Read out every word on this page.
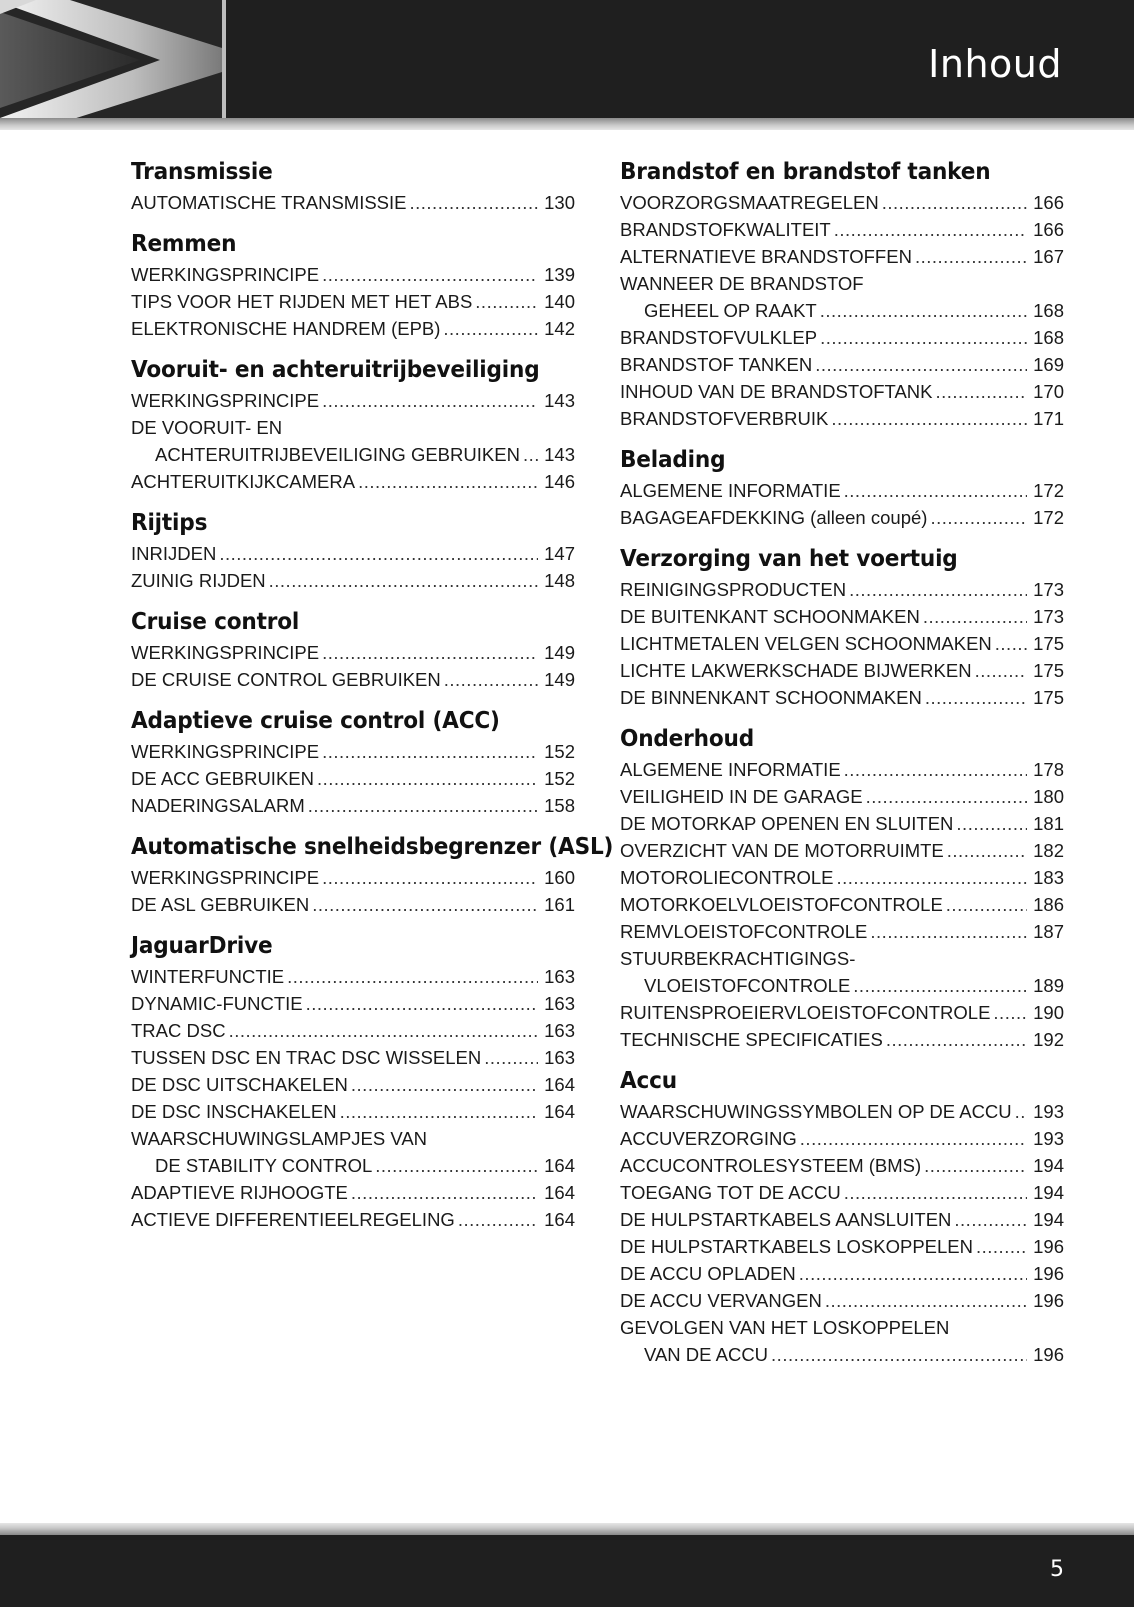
Inhoud
Transmissie
AUTOMATISCHE TRANSMISSIE .....	130
Remmen
WERKINGSPRINCIPE .....	139
TIPS VOOR HET RIJDEN MET HET ABS .....	140
ELEKTRONISCHE HANDREM (EPB) .....	142
Vooruit- en achteruitrijbeveiliging
WERKINGSPRINCIPE .....	143
DE VOORUIT- EN
ACHTERUITRIJBEVEILIGING GEBRUIKEN ..... 143
ACHTERUITKIJKCAMERA .....	146
Rijtips
INRIJDEN .....	147
ZUINIG RIJDEN .....	148
Cruise control
WERKINGSPRINCIPE .....	149
DE CRUISE CONTROL GEBRUIKEN .....	149
Adaptieve cruise control (ACC)
WERKINGSPRINCIPE .....	152
DE ACC GEBRUIKEN .....	152
NADERINGSALARM .....	158
Automatische snelheidsbegrenzer (ASL)
WERKINGSPRINCIPE .....	160
DE ASL GEBRUIKEN .....	161
JaguarDrive
WINTERFUNCTIE .....	163
DYNAMIC-FUNCTIE .....	163
TRAC DSC .....	163
TUSSEN DSC EN TRAC DSC WISSELEN .....	163
DE DSC UITSCHAKELEN .....	164
DE DSC INSCHAKELEN .....	164
WAARSCHUWINGSLAMPJES VAN
DE STABILITY CONTROL .....	164
ADAPTIEVE RIJHOOGTE .....	164
ACTIEVE DIFFERENTIEELREGELING .....	164
Brandstof en brandstof tanken
VOORZORGSMAATREGELEN .....	166
BRANDSTOFKWALITEIT .....	166
ALTERNATIEVE BRANDSTOFFEN .....	167
WANNEER DE BRANDSTOF
GEHEEL OP RAAKT .....	168
BRANDSTOFVULKLEP .....	168
BRANDSTOF TANKEN .....	169
INHOUD VAN DE BRANDSTOFTANK .....	170
BRANDSTOFVERBRUIK .....	171
Belading
ALGEMENE INFORMATIE .....	172
BAGAGEAFDEKKING (alleen coupé) .....	172
Verzorging van het voertuig
REINIGINGSPRODUCTEN .....	173
DE BUITENKANT SCHOONMAKEN .....	173
LICHTMETALEN VELGEN SCHOONMAKEN ..... 175
LICHTE LAKWERKSCHADE BIJWERKEN .....	175
DE BINNENKANT SCHOONMAKEN .....	175
Onderhoud
ALGEMENE INFORMATIE .....	178
VEILIGHEID IN DE GARAGE .....	180
DE MOTORKAP OPENEN EN SLUITEN .....	181
OVERZICHT VAN DE MOTORRUIMTE .....	182
MOTOROLIECONTROLE .....	183
MOTORKOELVLOEISTOFCONTROLE .....	186
REMVLOEISTOFCONTROLE .....	187
STUURBEKRACHTIGINGS-
VLOEISTOFCONTROLE .....	189
RUITENSPROEIERVLOEISTOFCONTROLE ..... 190
TECHNISCHE SPECIFICATIES .....	192
Accu
WAARSCHUWINGSSYMBOLEN OP DE ACCU ..... 193
ACCUVERZORGING .....	193
ACCUCONTROLESYSTEEM (BMS) .....	194
TOEGANG TOT DE ACCU .....	194
DE HULPSTARTKABELS AANSLUITEN .....	194
DE HULPSTARTKABELS LOSKOPPELEN .....	196
DE ACCU OPLADEN .....	196
DE ACCU VERVANGEN .....	196
GEVOLGEN VAN HET LOSKOPPELEN
VAN DE ACCU .....	196
5
